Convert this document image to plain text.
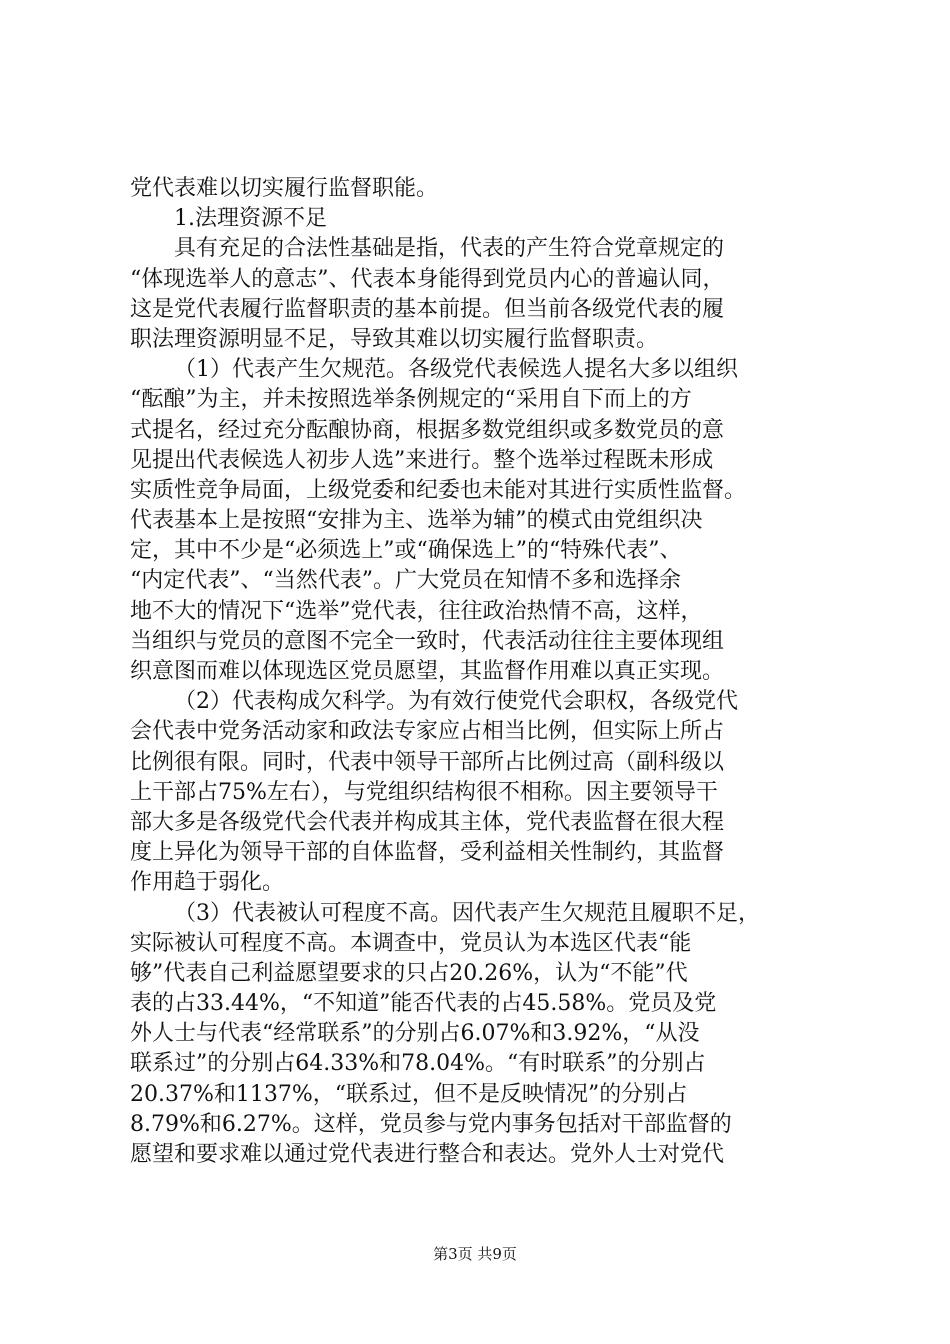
党代表难以切实履行监督职能。
1.法理资源不足
具有充足的合法性基础是指，代表的产生符合党章规定的
“体现选举人的意志”、代表本身能得到党员内心的普遍认同，
这是党代表履行监督职责的基本前提。但当前各级党代表的履
职法理资源明显不足，导致其难以切实履行监督职责。
（1）代表产生欠规范。各级党代表候选人提名大多以组织
“酝酿”为主，并未按照选举条例规定的“采用自下而上的方
式提名，经过充分酝酿协商，根据多数党组织或多数党员的意
见提出代表候选人初步人选”来进行。整个选举过程既未形成
实质性竞争局面，上级党委和纪委也未能对其进行实质性监督。
代表基本上是按照“安排为主、选举为辅”的模式由党组织决
定，其中不少是“必须选上”或“确保选上”的“特殊代表”、
“内定代表”、“当然代表”。广大党员在知情不多和选择余
地不大的情况下“选举”党代表，往往政治热情不高，这样，
当组织与党员的意图不完全一致时，代表活动往往主要体现组
织意图而难以体现选区党员愿望，其监督作用难以真正实现。
（2）代表构成欠科学。为有效行使党代会职权，各级党代
会代表中党务活动家和政法专家应占相当比例，但实际上所占
比例很有限。同时，代表中领导干部所占比例过高（副科级以
上干部占75%左右），与党组织结构很不相称。因主要领导干
部大多是各级党代会代表并构成其主体，党代表监督在很大程
度上异化为领导干部的自体监督，受利益相关性制约，其监督
作用趋于弱化。
（3）代表被认可程度不高。因代表产生欠规范且履职不足，
实际被认可程度不高。本调查中，党员认为本选区代表“能
够”代表自己利益愿望要求的只占20.26%，认为“不能”代
表的占33.44%，“不知道”能否代表的占45.58%。党员及党
外人士与代表“经常联系”的分别占6.07%和3.92%，“从没
联系过”的分别占64.33%和78.04%。“有时联系”的分别占
20.37%和1137%，“联系过，但不是反映情况”的分别占
8.79%和6.27%。这样，党员参与党内事务包括对干部监督的
愿望和要求难以通过党代表进行整合和表达。党外人士对党代
第3页 共9页
